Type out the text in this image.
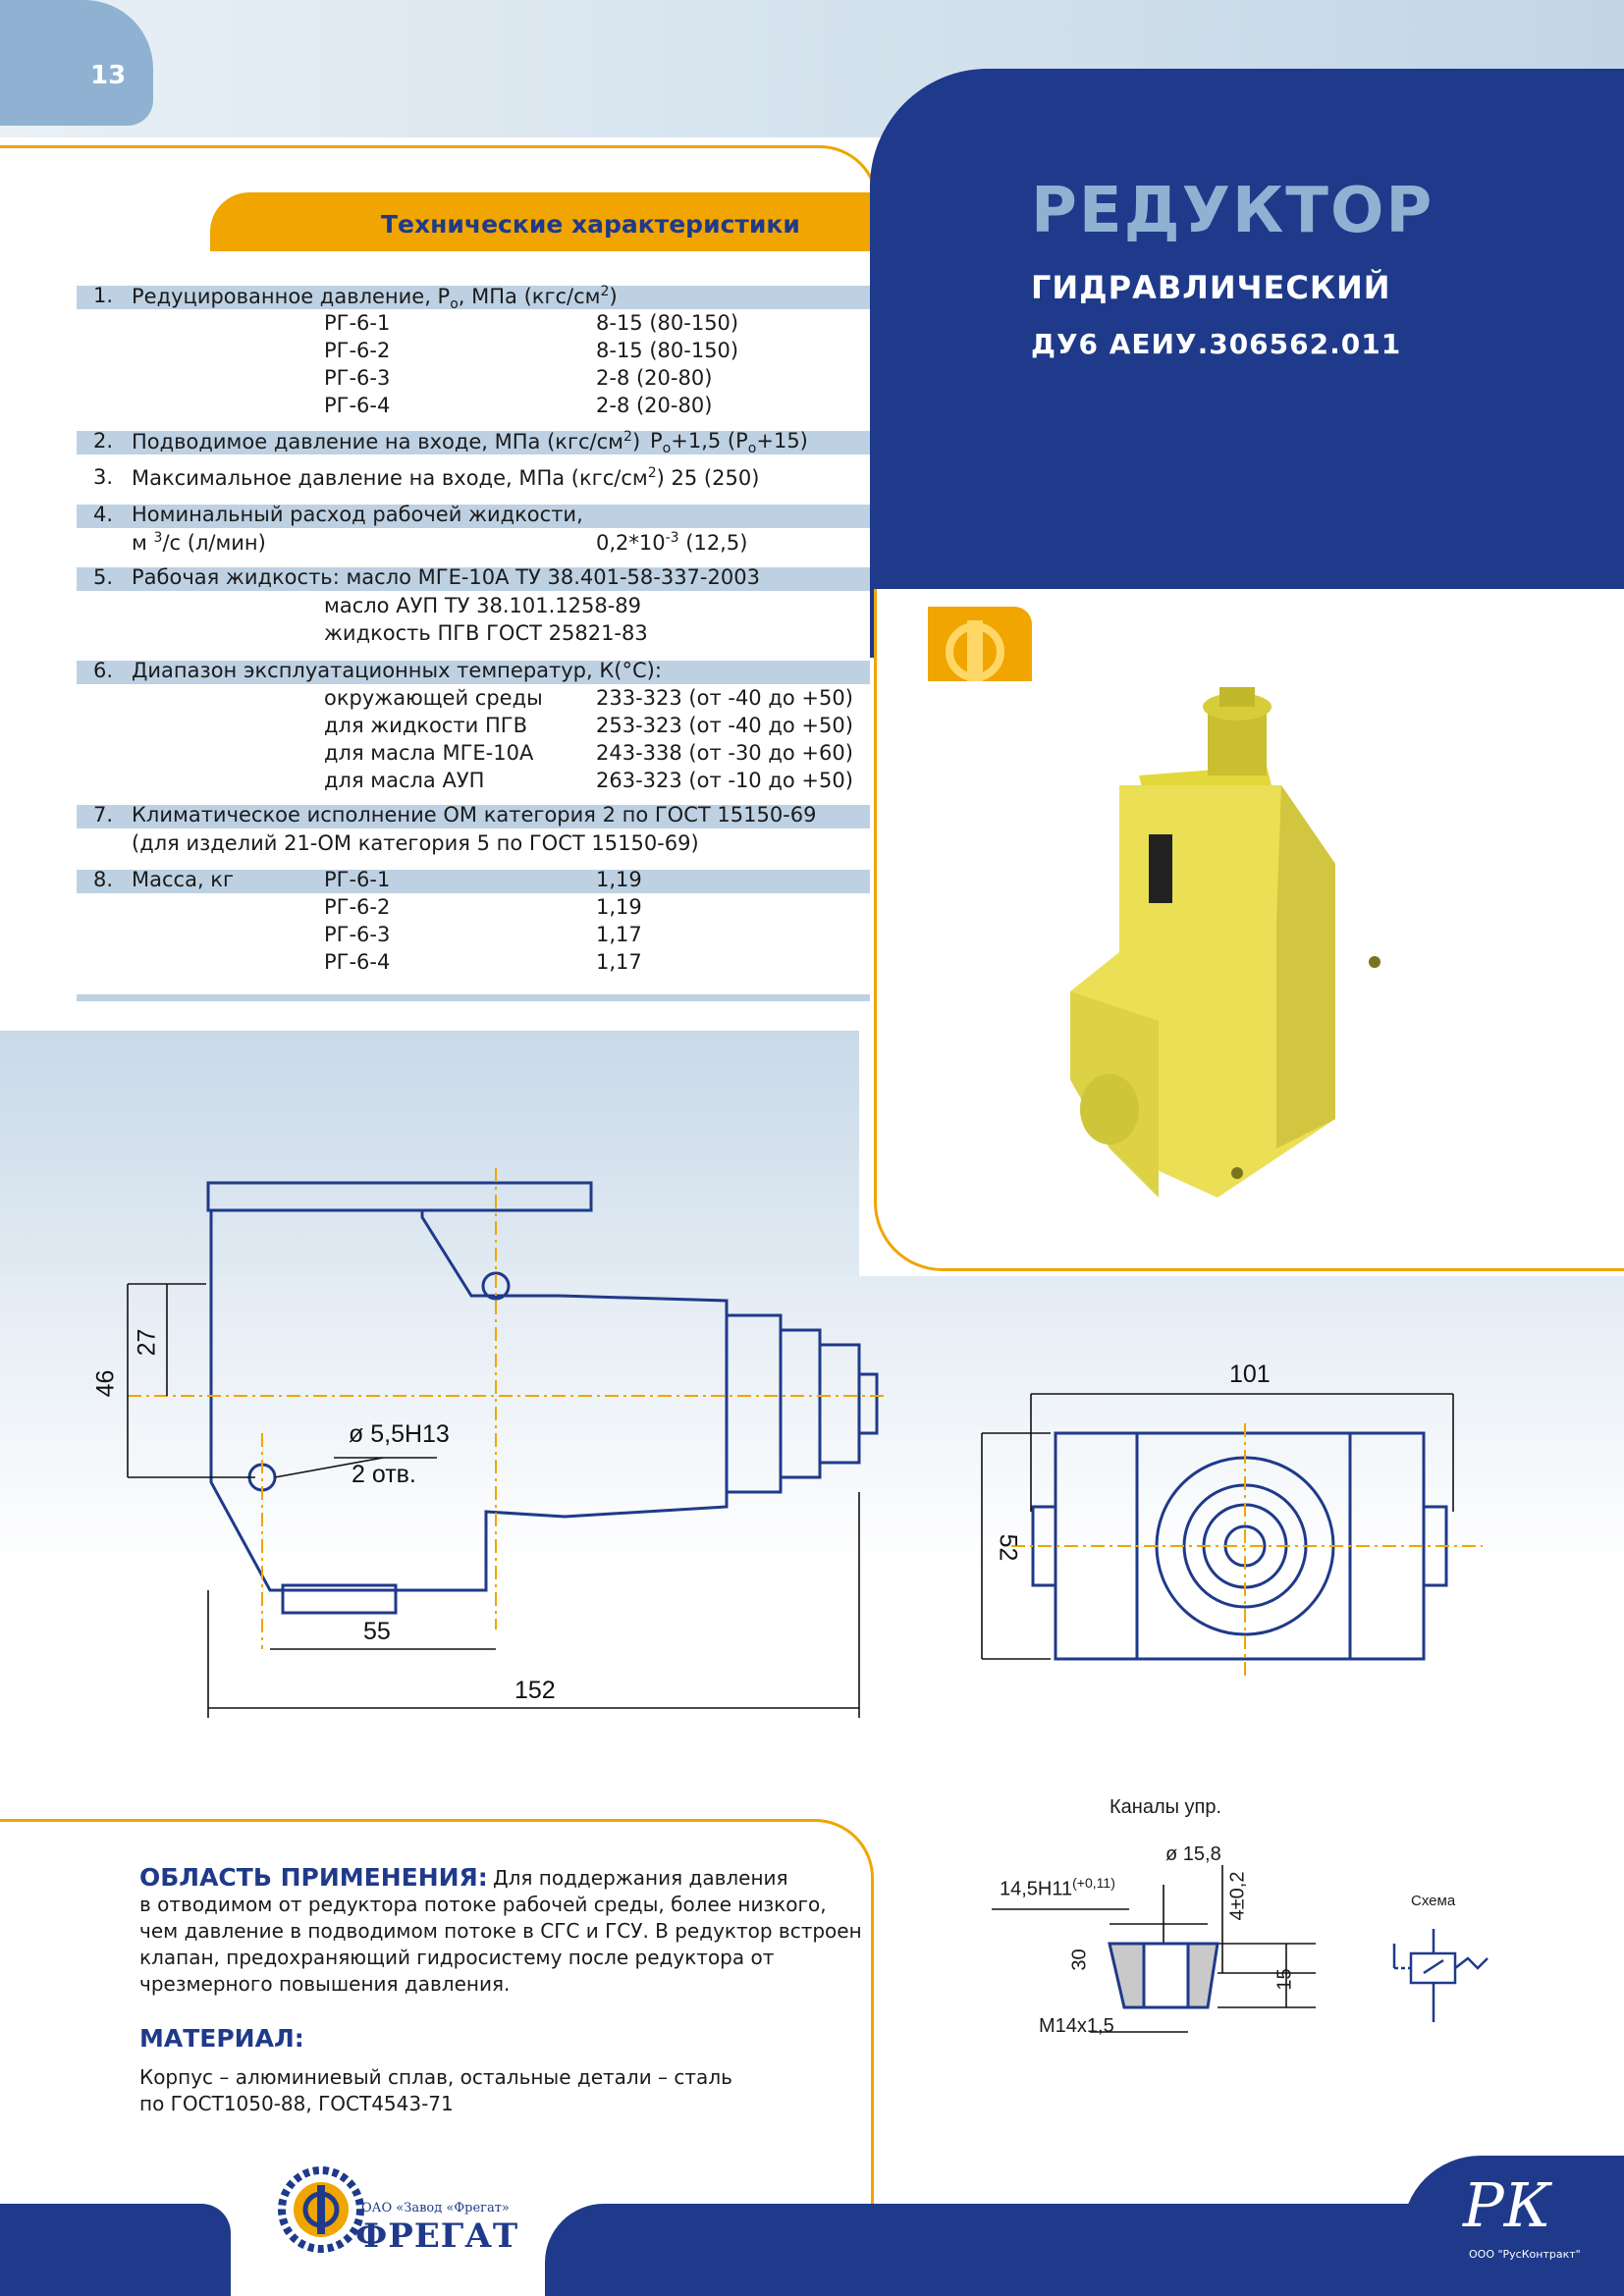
13
РЕДУКТОР
ГИДРАВЛИЧЕСКИЙ
ДУ6 АЕИУ.306562.011
Технические характеристики
1. Редуцированное давление, $Р_о$, МПа $(кгс/см^2)$
РГ-6-1	8-15 (80-150)
РГ-6-2	8-15 (80-150)
РГ-6-3	2-8 (20-80)
РГ-6-4	2-8 (20-80)
2. Подводимое давление на входе, МПа $(кгс/см^2)$ $Р_о+1,5$ $(Р_о+15)$
3. Максимальное давление на входе, МПа $(кгс/см^2)$ 25 (250)
4. Номинальный расход рабочей жидкости,
м $^3$/с (л/мин)	$0,2*10^{-3}$ (12,5)
5. Рабочая жидкость: масло МГЕ-10А ТУ 38.401-58-337-2003
масло АУП ТУ 38.101.1258-89
жидкость ПГВ ГОСТ 25821-83
6. Диапазон эксплуатационных температур, К(°С):
окружающей среды	233-323 (от -40 до +50)
для жидкости ПГВ	253-323 (от -40 до +50)
для масла МГЕ-10А	243-338 (от -30 до +60)
для масла АУП	263-323 (от -10 до +50)
7. Климатическое исполнение ОМ категория 2 по ГОСТ 15150-69
(для изделий 21-ОМ категория 5 по ГОСТ 15150-69)
8. Масса, кг	РГ-6-1	1,19
РГ-6-2	1,19
РГ-6-3	1,17
РГ-6-4	1,17
46
27
ø 5,5H13
2 отв.
55
152
101
52
Каналы упр.
ø 15,8
$14,5H11^{(+0,11)}$	4±0,2
30
15
M14x1,5
Схема
ОБЛАСТЬ ПРИМЕНЕНИЯ: Для поддержания давления
в отводимом от редуктора потоке рабочей среды, более низкого,
чем давление в подводимом потоке в СГС и ГСУ. В редуктор встроен
клапан, предохраняющий гидросистему после редуктора от
чрезмерного повышения давления.
МАТЕРИАЛ:
Корпус – алюминиевый сплав, остальные детали – сталь
по ГОСТ1050-88, ГОСТ4543-71
РК
ООО "РусКонтракт"
ОАО «Завод «Фрегат»
ФРЕГАТ
